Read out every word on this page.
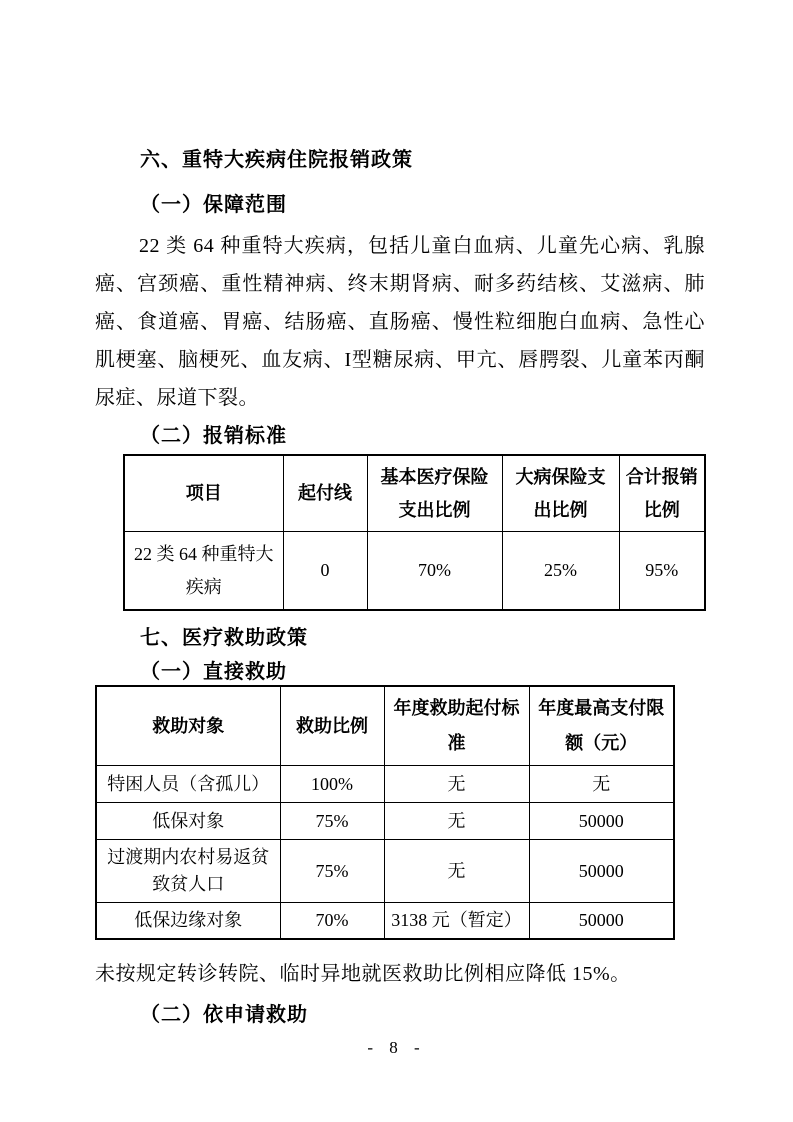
六、重特大疾病住院报销政策
（一）保障范围

22 类 64 种重特大疾病，包括儿童白血病、儿童先心病、乳腺癌、宫颈癌、重性精神病、终末期肾病、耐多药结核、艾滋病、肺癌、食道癌、胃癌、结肠癌、直肠癌、慢性粒细胞白血病、急性心肌梗塞、脑梗死、血友病、I型糖尿病、甲亢、唇腭裂、儿童苯丙酮尿症、尿道下裂。

（二）报销标准
项目	起付线	基本医疗保险支出比例	大病保险支出比例	合计报销比例
22 类 64 种重特大疾病	0	70%	25%	95%
七、医疗救助政策
（一）直接救助
救助对象	救助比例	年度救助起付标准	年度最高支付限额（元）
特困人员（含孤儿）	100%	无	无
低保对象	75%	无	50000
过渡期内农村易返贫致贫人口	75%	无	50000
低保边缘对象	70%	3138 元（暂定）	50000

未按规定转诊转院、临时异地就医救助比例相应降低 15%。

（二）依申请救助
- 8 -
